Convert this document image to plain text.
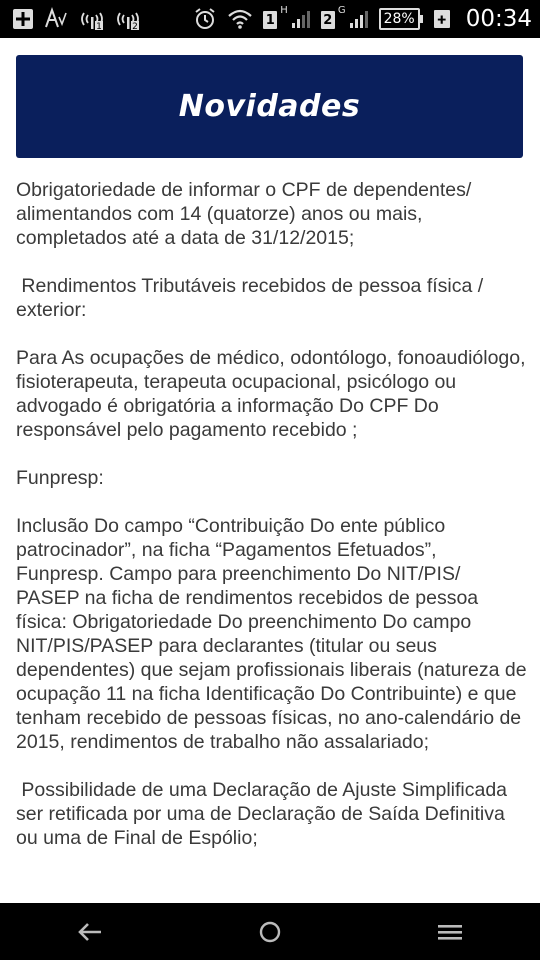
1	2	1
H
2
G
28% + 00:34
Novidades

Obrigatoriedade de informar o CPF de dependentes/ alimentandos com 14 (quatorze) anos ou mais, completados até a data de 31/12/2015;

Rendimentos Tributáveis recebidos de pessoa física / exterior:

Para As ocupações de médico, odontólogo, fonoaudiólogo, fisioterapeuta, terapeuta ocupacional, psicólogo ou advogado é obrigatória a informação Do CPF Do responsável pelo pagamento recebido ;

Funpresp:

Inclusão Do campo “Contribuição Do ente público patrocinador”, na ficha “Pagamentos Efetuados”, Funpresp. Campo para preenchimento Do NIT/PIS/ PASEP na ficha de rendimentos recebidos de pessoa física: Obrigatoriedade Do preenchimento Do campo NIT/PIS/PASEP para declarantes (titular ou seus dependentes) que sejam profissionais liberais (natureza de ocupação 11 na ficha Identificação Do Contribuinte) e que tenham recebido de pessoas físicas, no ano-calendário de 2015, rendimentos de trabalho não assalariado;

Possibilidade de uma Declaração de Ajuste Simplificada ser retificada por uma de Declaração de Saída Definitiva ou uma de Final de Espólio;
